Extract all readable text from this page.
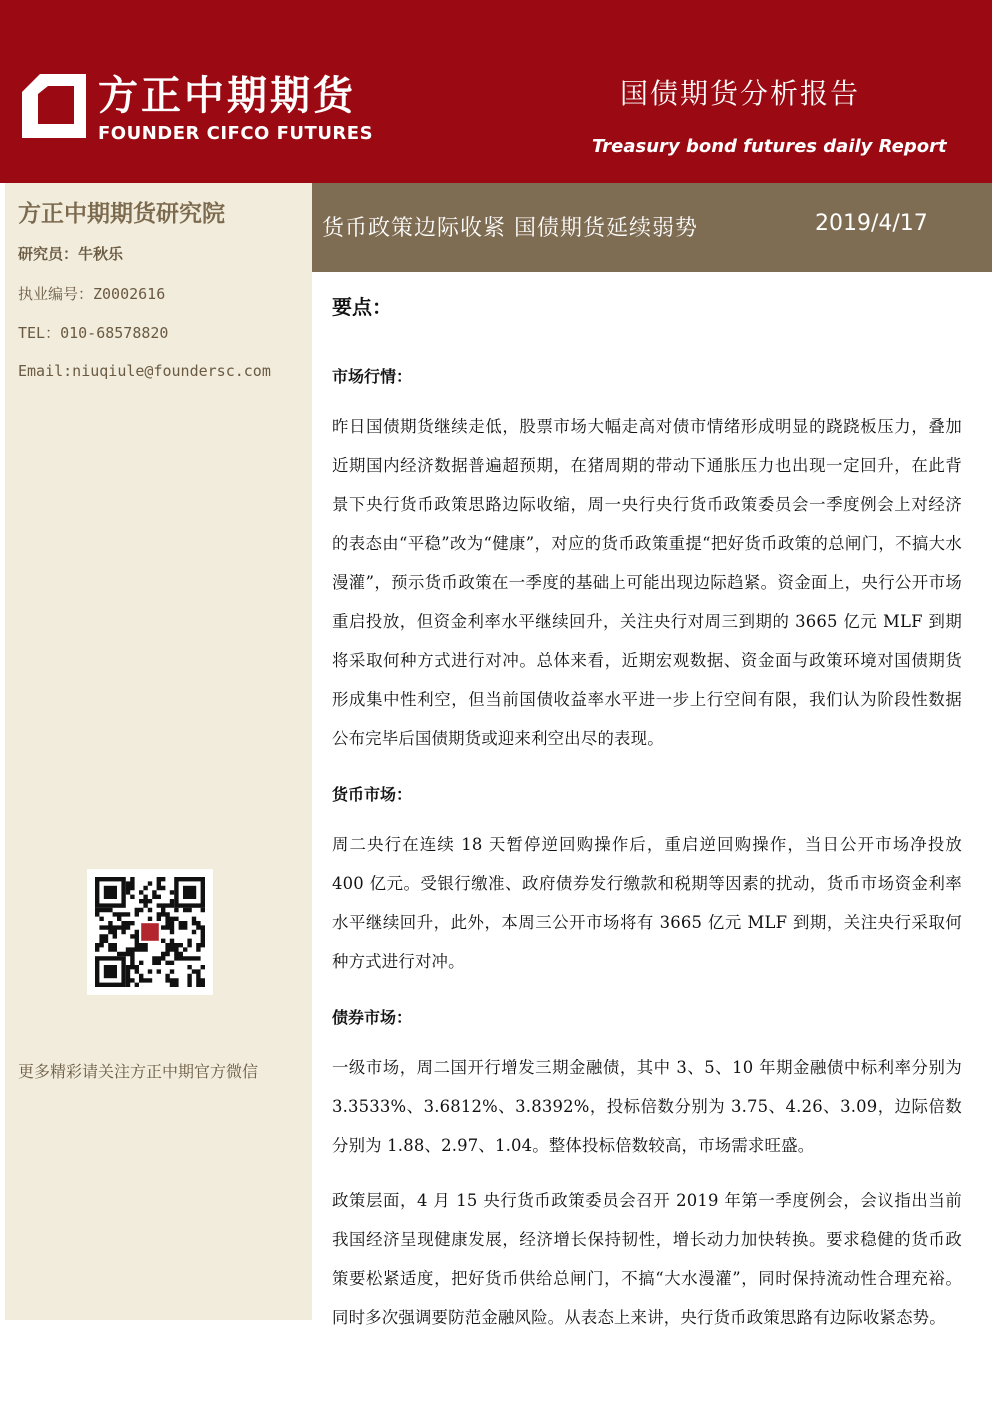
方正中期期货
FOUNDER CIFCO FUTURES
国债期货分析报告
Treasury bond futures daily Report
方正中期期货研究院
研究员：牛秋乐
执业编号：Z0002616
TEL：010-68578820
Email:niuqiule@foundersc.com
更多精彩请关注方正中期官方微信
货币政策边际收紧 国债期货延续弱势	2019/4/17

要点：

市场行情：

昨日国债期货继续走低，股票市场大幅走高对债市情绪形成明显的跷跷板压力，叠加近期国内经济数据普遍超预期，在猪周期的带动下通胀压力也出现一定回升，在此背景下央行货币政策思路边际收缩，周一央行央行货币政策委员会一季度例会上对经济的表态由“平稳”改为“健康”，对应的货币政策重提“把好货币政策的总闸门，不搞大水漫灌”，预示货币政策在一季度的基础上可能出现边际趋紧。资金面上，央行公开市场重启投放，但资金利率水平继续回升，关注央行对周三到期的 3665 亿元 MLF 到期将采取何种方式进行对冲。总体来看，近期宏观数据、资金面与政策环境对国债期货形成集中性利空，但当前国债收益率水平进一步上行空间有限，我们认为阶段性数据公布完毕后国债期货或迎来利空出尽的表现。

货币市场：

周二央行在连续 18 天暂停逆回购操作后，重启逆回购操作，当日公开市场净投放 400 亿元。受银行缴准、政府债券发行缴款和税期等因素的扰动，货币市场资金利率水平继续回升，此外，本周三公开市场将有 3665 亿元 MLF 到期，关注央行采取何种方式进行对冲。

债券市场：

一级市场，周二国开行增发三期金融债，其中 3、5、10 年期金融债中标利率分别为 3.3533%、3.6812%、3.8392%，投标倍数分别为 3.75、4.26、3.09，边际倍数分别为 1.88、2.97、1.04。整体投标倍数较高，市场需求旺盛。

政策层面，4 月 15 央行货币政策委员会召开 2019 年第一季度例会，会议指出当前我国经济呈现健康发展，经济增长保持韧性，增长动力加快转换。要求稳健的货币政策要松紧适度，把好货币供给总闸门，不搞“大水漫灌”，同时保持流动性合理充裕。同时多次强调要防范金融风险。从表态上来讲，央行货币政策思路有边际收紧态势。
